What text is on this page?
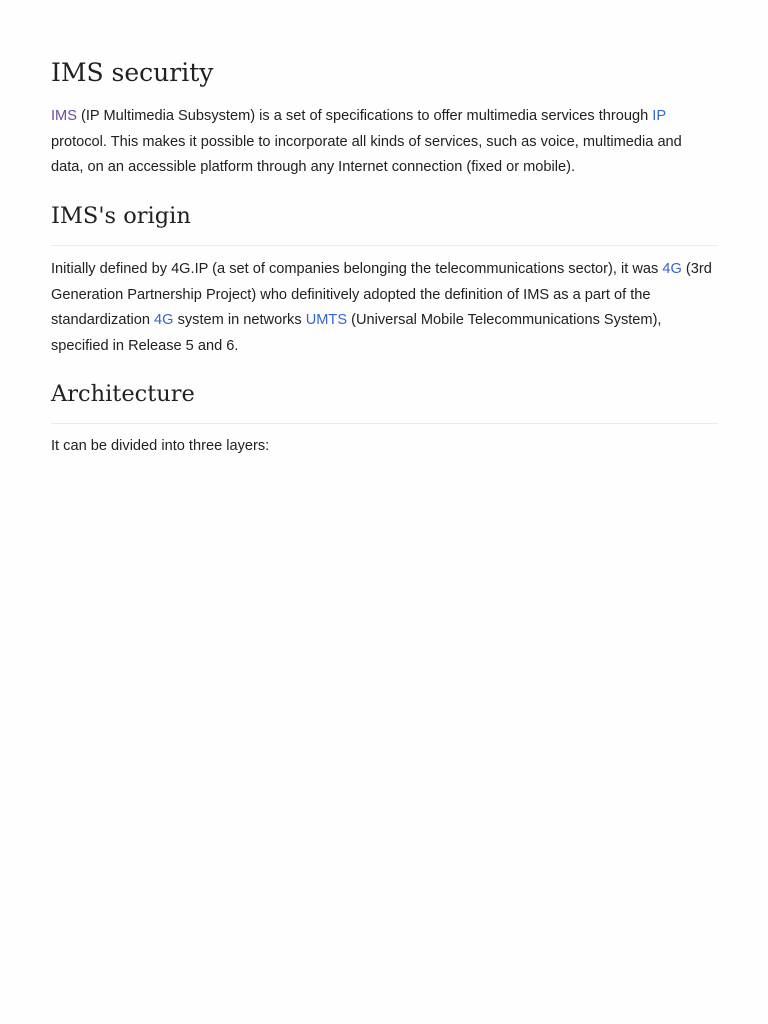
IMS security

IMS (IP Multimedia Subsystem) is a set of specifications to offer multimedia services through IP protocol. This makes it possible to incorporate all kinds of services, such as voice, multimedia and data, on an accessible platform through any Internet connection (fixed or mobile).

IMS's origin

Initially defined by 4G.IP (a set of companies belonging the telecommunications sector), it was 4G (3rd Generation Partnership Project) who definitively adopted the definition of IMS as a part of the standardization 4G system in networks UMTS (Universal Mobile Telecommunications System), specified in Release 5 and 6.

Architecture

It can be divided into three layers:
